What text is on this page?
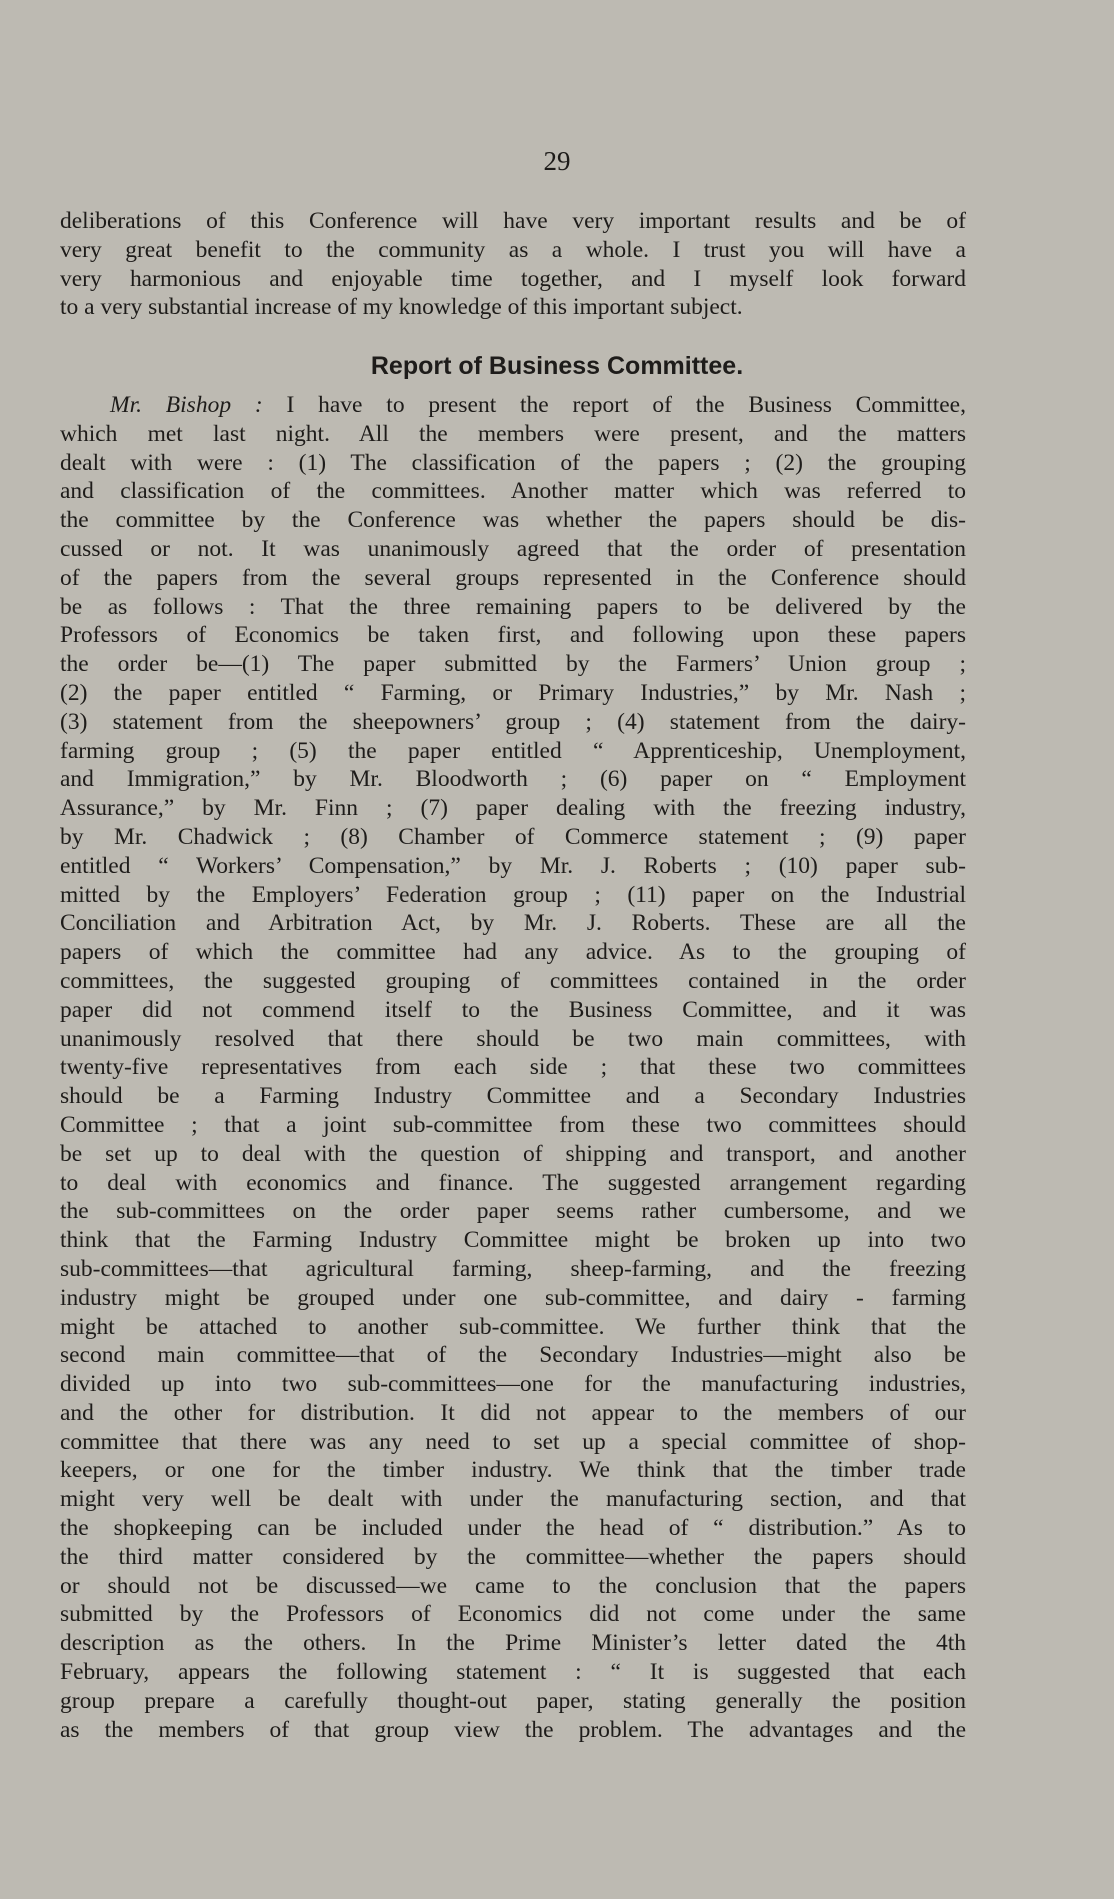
29
deliberations of this Conference will have very important results and be of
very great benefit to the community as a whole. I trust you will have a
very harmonious and enjoyable time together, and I myself look forward
to a very substantial increase of my knowledge of this important subject.
Report of Business Committee.
Mr. Bishop : I have to present the report of the Business Committee,
which met last night. All the members were present, and the matters
dealt with were : (1) The classification of the papers ; (2) the grouping
and classification of the committees. Another matter which was referred to
the committee by the Conference was whether the papers should be dis-
cussed or not. It was unanimously agreed that the order of presentation
of the papers from the several groups represented in the Conference should
be as follows : That the three remaining papers to be delivered by the
Professors of Economics be taken first, and following upon these papers
the order be—(1) The paper submitted by the Farmers’ Union group ;
(2) the paper entitled “ Farming, or Primary Industries,” by Mr. Nash ;
(3) statement from the sheepowners’ group ; (4) statement from the dairy-
farming group ; (5) the paper entitled “ Apprenticeship, Unemployment,
and Immigration,” by Mr. Bloodworth ; (6) paper on “ Employment
Assurance,” by Mr. Finn ; (7) paper dealing with the freezing industry,
by Mr. Chadwick ; (8) Chamber of Commerce statement ; (9) paper
entitled “ Workers’ Compensation,” by Mr. J. Roberts ; (10) paper sub-
mitted by the Employers’ Federation group ; (11) paper on the Industrial
Conciliation and Arbitration Act, by Mr. J. Roberts. These are all the
papers of which the committee had any advice. As to the grouping of
committees, the suggested grouping of committees contained in the order
paper did not commend itself to the Business Committee, and it was
unanimously resolved that there should be two main committees, with
twenty-five representatives from each side ; that these two committees
should be a Farming Industry Committee and a Secondary Industries
Committee ; that a joint sub-committee from these two committees should
be set up to deal with the question of shipping and transport, and another
to deal with economics and finance. The suggested arrangement regarding
the sub-committees on the order paper seems rather cumbersome, and we
think that the Farming Industry Committee might be broken up into two
sub-committees—that agricultural farming, sheep-farming, and the freezing
industry might be grouped under one sub-committee, and dairy - farming
might be attached to another sub-committee. We further think that the
second main committee—that of the Secondary Industries—might also be
divided up into two sub-committees—one for the manufacturing industries,
and the other for distribution. It did not appear to the members of our
committee that there was any need to set up a special committee of shop-
keepers, or one for the timber industry. We think that the timber trade
might very well be dealt with under the manufacturing section, and that
the shopkeeping can be included under the head of “ distribution.” As to
the third matter considered by the committee—whether the papers should
or should not be discussed—we came to the conclusion that the papers
submitted by the Professors of Economics did not come under the same
description as the others. In the Prime Minister’s letter dated the 4th
February, appears the following statement : “ It is suggested that each
group prepare a carefully thought-out paper, stating generally the position
as the members of that group view the problem. The advantages and the
